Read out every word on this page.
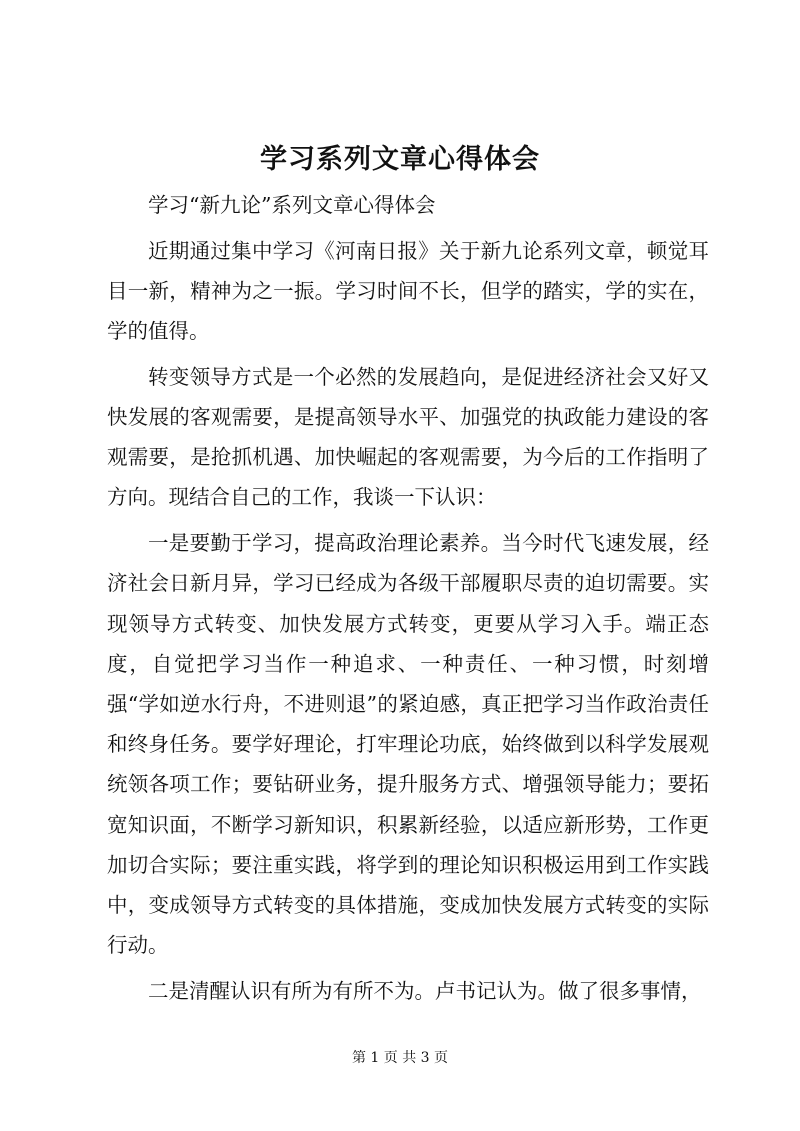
学习系列文章心得体会

学习“新九论”系列文章心得体会

近期通过集中学习《河南日报》关于新九论系列文章，顿觉耳目一新，精神为之一振。学习时间不长，但学的踏实，学的实在，学的值得。

转变领导方式是一个必然的发展趋向，是促进经济社会又好又快发展的客观需要，是提高领导水平、加强党的执政能力建设的客观需要，是抢抓机遇、加快崛起的客观需要，为今后的工作指明了方向。现结合自己的工作，我谈一下认识：

一是要勤于学习，提高政治理论素养。当今时代飞速发展，经济社会日新月异，学习已经成为各级干部履职尽责的迫切需要。实现领导方式转变、加快发展方式转变，更要从学习入手。端正态度，自觉把学习当作一种追求、一种责任、一种习惯，时刻增强“学如逆水行舟，不进则退”的紧迫感，真正把学习当作政治责任和终身任务。要学好理论，打牢理论功底，始终做到以科学发展观统领各项工作；要钻研业务，提升服务方式、增强领导能力；要拓宽知识面，不断学习新知识，积累新经验，以适应新形势，工作更加切合实际；要注重实践，将学到的理论知识积极运用到工作实践中，变成领导方式转变的具体措施，变成加快发展方式转变的实际行动。

二是清醒认识有所为有所不为。卢书记认为。做了很多事情，

第 1 页 共 3 页
